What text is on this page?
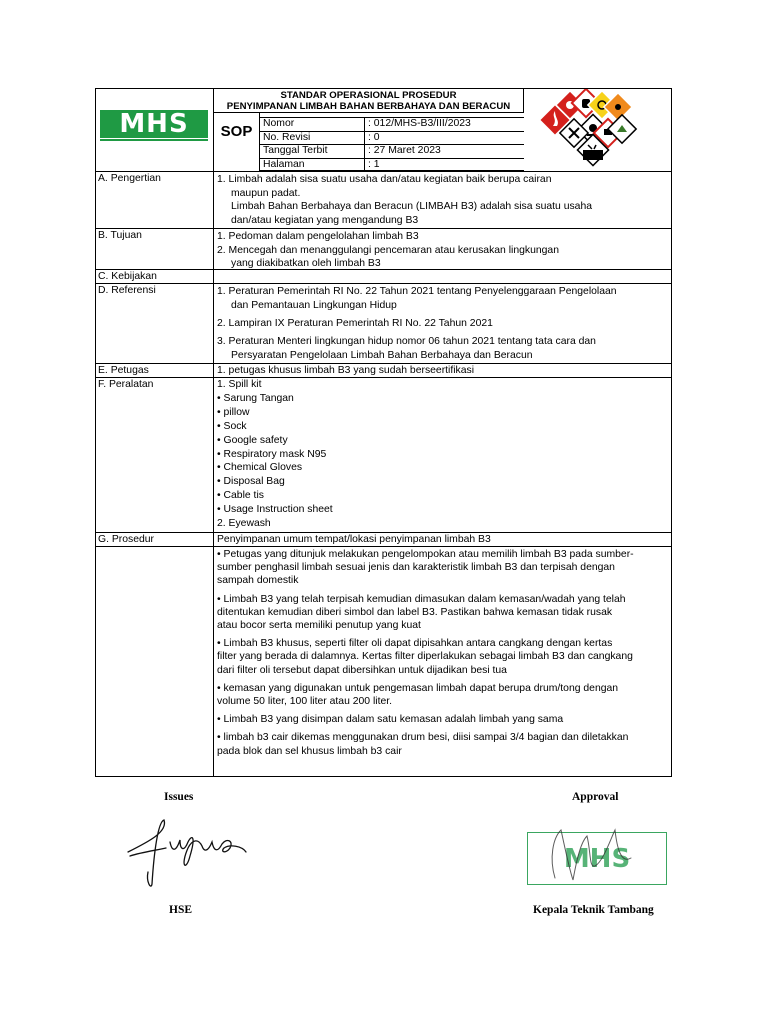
MHS
STANDAR OPERASIONAL PROSEDUR
PENYIMPANAN LIMBAH BAHAN BERBAHAYA DAN BERACUN
SOP	Nomor	: 012/MHS-B3/III/2023
No. Revisi	: 0
Tanggal Terbit	: 27 Maret 2023
Halaman	: 1
A. Pengertian	1. Limbah adalah sisa suatu usaha dan/atau kegiatan baik berupa cairan
maupun padat.
Limbah Bahan Berbahaya dan Beracun (LIMBAH B3) adalah sisa suatu usaha
dan/atau kegiatan yang mengandung B3
B. Tujuan	1. Pedoman dalam pengelolahan limbah B3
2. Mencegah dan menanggulangi pencemaran atau kerusakan lingkungan
yang diakibatkan oleh limbah B3
C. Kebijakan
D. Referensi	1. Peraturan Pemerintah RI No. 22 Tahun 2021 tentang Penyelenggaraan Pengelolaan
dan Pemantauan Lingkungan Hidup
2. Lampiran IX Peraturan Pemerintah RI No. 22 Tahun 2021
3. Peraturan Menteri lingkungan hidup nomor 06 tahun 2021 tentang tata cara dan
Persyaratan Pengelolaan Limbah Bahan Berbahaya dan Beracun
E. Petugas	1. petugas khusus limbah B3 yang sudah berseertifikasi
F. Peralatan	1. Spill kit
• Sarung Tangan
• pillow
• Sock
• Google safety
• Respiratory mask N95
• Chemical Gloves
• Disposal Bag
• Cable tis
• Usage Instruction sheet
2. Eyewash
G. Prosedur	Penyimpanan umum tempat/lokasi penyimpanan limbah B3
• Petugas yang ditunjuk melakukan pengelompokan atau memilih limbah B3 pada sumber-
sumber penghasil limbah sesuai jenis dan karakteristik limbah B3 dan terpisah dengan
sampah domestik
• Limbah B3 yang telah terpisah kemudian dimasukan dalam kemasan/wadah yang telah
ditentukan kemudian diberi simbol dan label B3. Pastikan bahwa kemasan tidak rusak
atau bocor serta memiliki penutup yang kuat
• Limbah B3 khusus, seperti filter oli dapat dipisahkan antara cangkang dengan kertas
filter yang berada di dalamnya. Kertas filter diperlakukan sebagai limbah B3 dan cangkang
dari filter oli tersebut dapat dibersihkan untuk dijadikan besi tua
• kemasan yang digunakan untuk pengemasan limbah dapat berupa drum/tong dengan
volume 50 liter, 100 liter atau 200 liter.
• Limbah B3 yang disimpan dalam satu kemasan adalah limbah yang sama
• limbah b3 cair dikemas menggunakan drum besi, diisi sampai 3/4 bagian dan diletakkan
pada blok dan sel khusus limbah b3 cair
Issues	Approval
MHS
HSE	Kepala Teknik Tambang
